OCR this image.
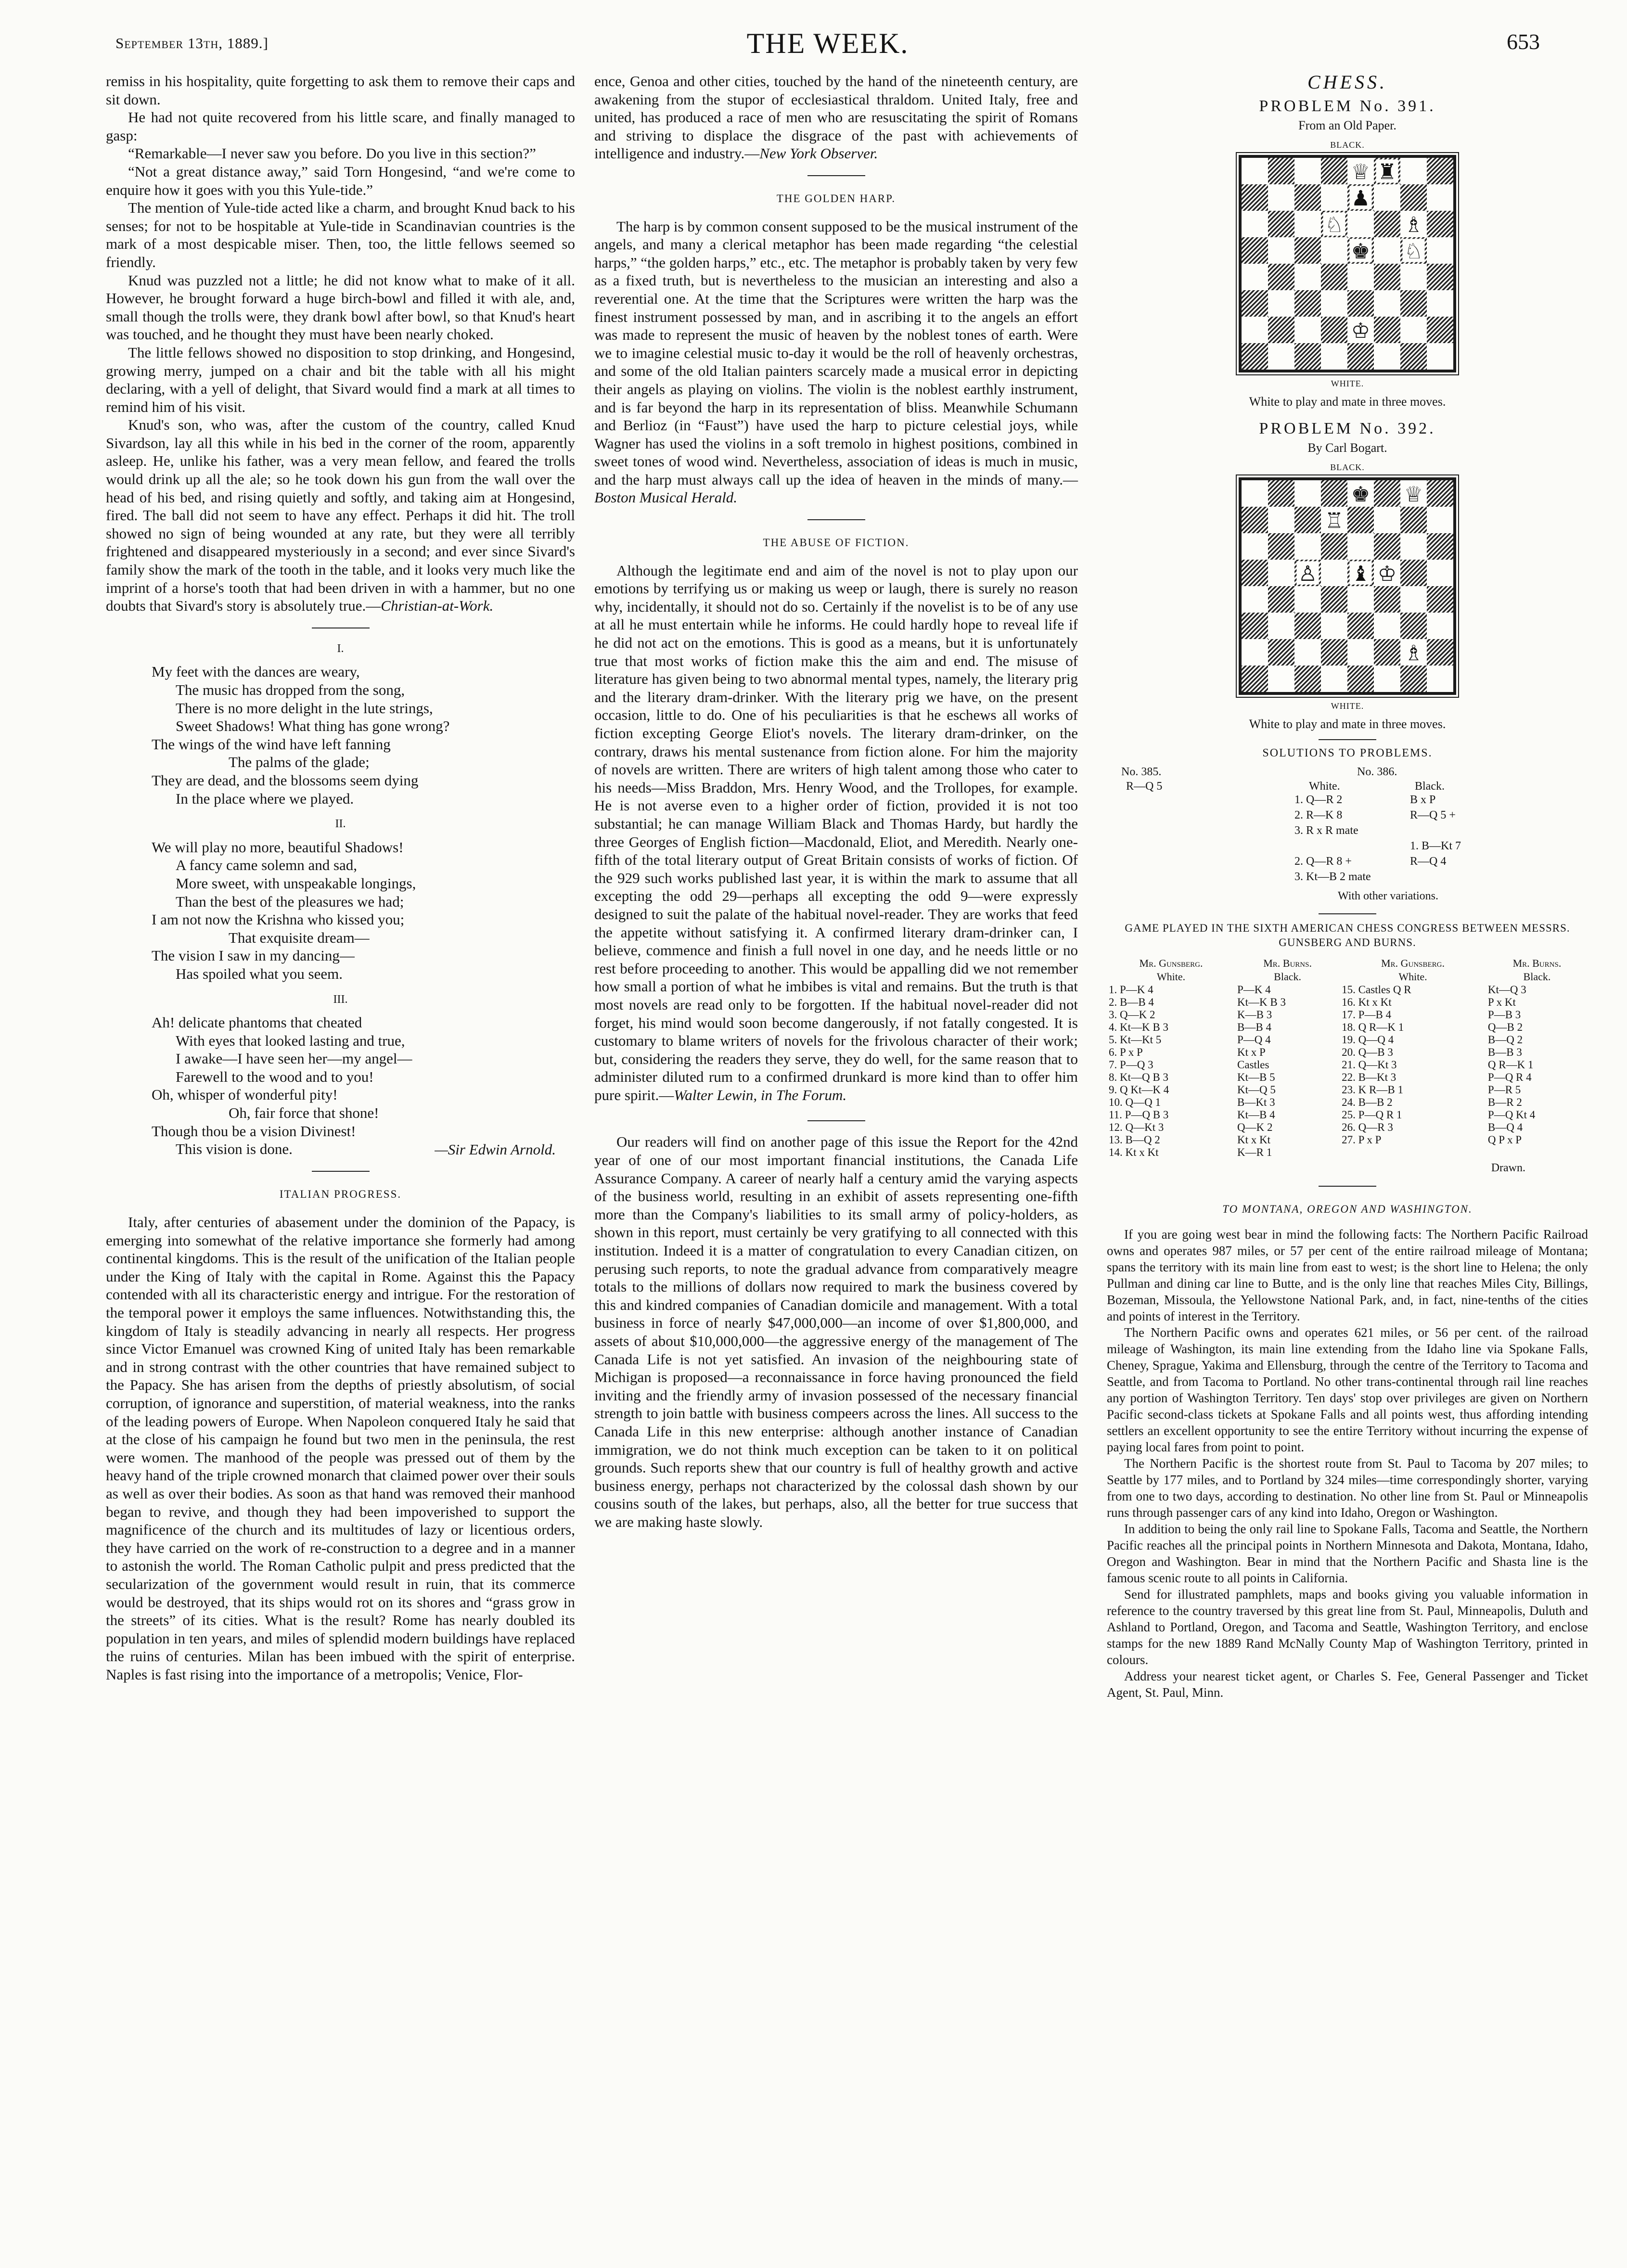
September 13th, 1889.]	THE WEEK.	653

remiss in his hospitality, quite forgetting to ask them to remove their caps and sit down.

He had not quite recovered from his little scare, and finally managed to gasp:

“Remarkable—I never saw you before. Do you live in this section?”

“Not a great distance away,” said Torn Hongesind, “and we're come to enquire how it goes with you this Yule-tide.”

The mention of Yule-tide acted like a charm, and brought Knud back to his senses; for not to be hospitable at Yule-tide in Scandinavian countries is the mark of a most despicable miser. Then, too, the little fellows seemed so friendly.

Knud was puzzled not a little; he did not know what to make of it all. However, he brought forward a huge birch-bowl and filled it with ale, and, small though the trolls were, they drank bowl after bowl, so that Knud's heart was touched, and he thought they must have been nearly choked.

The little fellows showed no disposition to stop drinking, and Hongesind, growing merry, jumped on a chair and bit the table with all his might declaring, with a yell of delight, that Sivard would find a mark at all times to remind him of his visit.

Knud's son, who was, after the custom of the country, called Knud Sivardson, lay all this while in his bed in the corner of the room, apparently asleep. He, unlike his father, was a very mean fellow, and feared the trolls would drink up all the ale; so he took down his gun from the wall over the head of his bed, and rising quietly and softly, and taking aim at Hongesind, fired. The ball did not seem to have any effect. Perhaps it did hit. The troll showed no sign of being wounded at any rate, but they were all terribly frightened and disappeared mysteriously in a second; and ever since Sivard's family show the mark of the tooth in the table, and it looks very much like the imprint of a horse's tooth that had been driven in with a hammer, but no one doubts that Sivard's story is absolutely true.—Christian-at-Work.

I.
My feet with the dances are weary,
The music has dropped from the song,
There is no more delight in the lute strings,
Sweet Shadows! What thing has gone wrong?
The wings of the wind have left fanning
The palms of the glade;
They are dead, and the blossoms seem dying
In the place where we played.
II.
We will play no more, beautiful Shadows!
A fancy came solemn and sad,
More sweet, with unspeakable longings,
Than the best of the pleasures we had;
I am not now the Krishna who kissed you;
That exquisite dream—
The vision I saw in my dancing—
Has spoiled what you seem.
III.
Ah! delicate phantoms that cheated
With eyes that looked lasting and true,
I awake—I have seen her—my angel—
Farewell to the wood and to you!
Oh, whisper of wonderful pity!
Oh, fair force that shone!
Though thou be a vision Divinest!
This vision is done.	—Sir Edwin Arnold.
ITALIAN PROGRESS.

Italy, after centuries of abasement under the dominion of the Papacy, is emerging into somewhat of the relative importance she formerly had among continental kingdoms. This is the result of the unification of the Italian people under the King of Italy with the capital in Rome. Against this the Papacy contended with all its characteristic energy and intrigue. For the restoration of the temporal power it employs the same influences. Notwithstanding this, the kingdom of Italy is steadily advancing in nearly all respects. Her progress since Victor Emanuel was crowned King of united Italy has been remarkable and in strong contrast with the other countries that have remained subject to the Papacy. She has arisen from the depths of priestly absolutism, of social corruption, of ignorance and superstition, of material weakness, into the ranks of the leading powers of Europe. When Napoleon conquered Italy he said that at the close of his campaign he found but two men in the peninsula, the rest were women. The manhood of the people was pressed out of them by the heavy hand of the triple crowned monarch that claimed power over their souls as well as over their bodies. As soon as that hand was removed their manhood began to revive, and though they had been impoverished to support the magnificence of the church and its multitudes of lazy or licentious orders, they have carried on the work of re-construction to a degree and in a manner to astonish the world. The Roman Catholic pulpit and press predicted that the secularization of the government would result in ruin, that its commerce would be destroyed, that its ships would rot on its shores and “grass grow in the streets” of its cities. What is the result? Rome has nearly doubled its population in ten years, and miles of splendid modern buildings have replaced the ruins of centuries. Milan has been imbued with the spirit of enterprise. Naples is fast rising into the importance of a metropolis; Venice, Flor-

ence, Genoa and other cities, touched by the hand of the nineteenth century, are awakening from the stupor of ecclesiastical thraldom. United Italy, free and united, has produced a race of men who are resuscitating the spirit of Romans and striving to displace the disgrace of the past with achievements of intelligence and industry.—New York Observer.

THE GOLDEN HARP.

The harp is by common consent supposed to be the musical instrument of the angels, and many a clerical metaphor has been made regarding “the celestial harps,” “the golden harps,” etc., etc. The metaphor is probably taken by very few as a fixed truth, but is nevertheless to the musician an interesting and also a reverential one. At the time that the Scriptures were written the harp was the finest instrument possessed by man, and in ascribing it to the angels an effort was made to represent the music of heaven by the noblest tones of earth. Were we to imagine celestial music to-day it would be the roll of heavenly orchestras, and some of the old Italian painters scarcely made a musical error in depicting their angels as playing on violins. The violin is the noblest earthly instrument, and is far beyond the harp in its representation of bliss. Meanwhile Schumann and Berlioz (in “Faust”) have used the harp to picture celestial joys, while Wagner has used the violins in a soft tremolo in highest positions, combined in sweet tones of wood wind. Nevertheless, association of ideas is much in music, and the harp must always call up the idea of heaven in the minds of many.—Boston Musical Herald.

THE ABUSE OF FICTION.

Although the legitimate end and aim of the novel is not to play upon our emotions by terrifying us or making us weep or laugh, there is surely no reason why, incidentally, it should not do so. Certainly if the novelist is to be of any use at all he must entertain while he informs. He could hardly hope to reveal life if he did not act on the emotions. This is good as a means, but it is unfortunately true that most works of fiction make this the aim and end. The misuse of literature has given being to two abnormal mental types, namely, the literary prig and the literary dram-drinker. With the literary prig we have, on the present occasion, little to do. One of his peculiarities is that he eschews all works of fiction excepting George Eliot's novels. The literary dram-drinker, on the contrary, draws his mental sustenance from fiction alone. For him the majority of novels are written. There are writers of high talent among those who cater to his needs—Miss Braddon, Mrs. Henry Wood, and the Trollopes, for example. He is not averse even to a higher order of fiction, provided it is not too substantial; he can manage William Black and Thomas Hardy, but hardly the three Georges of English fiction—Macdonald, Eliot, and Meredith. Nearly one-fifth of the total literary output of Great Britain consists of works of fiction. Of the 929 such works published last year, it is within the mark to assume that all excepting the odd 29—perhaps all excepting the odd 9—were expressly designed to suit the palate of the habitual novel-reader. They are works that feed the appetite without satisfying it. A confirmed literary dram-drinker can, I believe, commence and finish a full novel in one day, and he needs little or no rest before proceeding to another. This would be appalling did we not remember how small a portion of what he imbibes is vital and remains. But the truth is that most novels are read only to be forgotten. If the habitual novel-reader did not forget, his mind would soon become dangerously, if not fatally congested. It is customary to blame writers of novels for the frivolous character of their work; but, considering the readers they serve, they do well, for the same reason that to administer diluted rum to a confirmed drunkard is more kind than to offer him pure spirit.—Walter Lewin, in The Forum.

Our readers will find on another page of this issue the Report for the 42nd year of one of our most important financial institutions, the Canada Life Assurance Company. A career of nearly half a century amid the varying aspects of the business world, resulting in an exhibit of assets representing one-fifth more than the Company's liabilities to its small army of policy-holders, as shown in this report, must certainly be very gratifying to all connected with this institution. Indeed it is a matter of congratulation to every Canadian citizen, on perusing such reports, to note the gradual advance from comparatively meagre totals to the millions of dollars now required to mark the business covered by this and kindred companies of Canadian domicile and management. With a total business in force of nearly $47,000,000—an income of over $1,800,000, and assets of about $10,000,000—the aggressive energy of the management of The Canada Life is not yet satisfied. An invasion of the neighbouring state of Michigan is proposed—a reconnaissance in force having pronounced the field inviting and the friendly army of invasion possessed of the necessary financial strength to join battle with business compeers across the lines. All success to the Canada Life in this new enterprise: although another instance of Canadian immigration, we do not think much exception can be taken to it on political grounds. Such reports shew that our country is full of healthy growth and active business energy, perhaps not characterized by the colossal dash shown by our cousins south of the lakes, but perhaps, also, all the better for true success that we are making haste slowly.

CHESS.
PROBLEM No. 391.
From an Old Paper.
BLACK.
WHITE.
White to play and mate in three moves.
PROBLEM No. 392.
By Carl Bogart.
BLACK.
WHITE.
White to play and mate in three moves.
SOLUTIONS TO PROBLEMS.
No. 385.
R—Q 5
No. 386.
White.	Black.
1. Q—R 2	B x P
2. R—K 8	R—Q 5 +
3. R x R mate
1. B—Kt 7
2. Q—R 8 +	R—Q 4
3. Kt—B 2 mate
With other variations.
GAME PLAYED IN THE SIXTH AMERICAN CHESS CONGRESS BETWEEN MESSRS. GUNSBERG AND BURNS.
Mr. Gunsberg.	Mr. Burns.	Mr. Gunsberg.	Mr. Burns.
White.	Black.	White.	Black.
1. P—K 4	P—K 4	15. Castles Q R	Kt—Q 3
2. B—B 4	Kt—K B 3	16. Kt x Kt	P x Kt
3. Q—K 2	K—B 3	17. P—B 4	P—B 3
4. Kt—K B 3	B—B 4	18. Q R—K 1	Q—B 2
5. Kt—Kt 5	P—Q 4	19. Q—Q 4	B—Q 2
6. P x P	Kt x P	20. Q—B 3	B—B 3
7. P—Q 3	Castles	21. Q—Kt 3	Q R—K 1
8. Kt—Q B 3	Kt—B 5	22. B—Kt 3	P—Q R 4
9. Q Kt—K 4	Kt—Q 5	23. K R—B 1	P—R 5
10. Q—Q 1	B—Kt 3	24. B—B 2	B—R 2
11. P—Q B 3	Kt—B 4	25. P—Q R 1	P—Q Kt 4
12. Q—Kt 3	Q—K 2	26. Q—R 3	B—Q 4
13. B—Q 2	Kt x Kt	27. P x P	Q P x P
14. Kt x Kt	K—R 1		
Drawn.
TO MONTANA, OREGON AND WASHINGTON.

If you are going west bear in mind the following facts: The Northern Pacific Railroad owns and operates 987 miles, or 57 per cent of the entire railroad mileage of Montana; spans the territory with its main line from east to west; is the short line to Helena; the only Pullman and dining car line to Butte, and is the only line that reaches Miles City, Billings, Bozeman, Missoula, the Yellowstone National Park, and, in fact, nine-tenths of the cities and points of interest in the Territory.

The Northern Pacific owns and operates 621 miles, or 56 per cent. of the railroad mileage of Washington, its main line extending from the Idaho line via Spokane Falls, Cheney, Sprague, Yakima and Ellensburg, through the centre of the Territory to Tacoma and Seattle, and from Tacoma to Portland. No other trans-continental through rail line reaches any portion of Washington Territory. Ten days' stop over privileges are given on Northern Pacific second-class tickets at Spokane Falls and all points west, thus affording intending settlers an excellent opportunity to see the entire Territory without incurring the expense of paying local fares from point to point.

The Northern Pacific is the shortest route from St. Paul to Tacoma by 207 miles; to Seattle by 177 miles, and to Portland by 324 miles—time correspondingly shorter, varying from one to two days, according to destination. No other line from St. Paul or Minneapolis runs through passenger cars of any kind into Idaho, Oregon or Washington.

In addition to being the only rail line to Spokane Falls, Tacoma and Seattle, the Northern Pacific reaches all the principal points in Northern Minnesota and Dakota, Montana, Idaho, Oregon and Washington. Bear in mind that the Northern Pacific and Shasta line is the famous scenic route to all points in California.

Send for illustrated pamphlets, maps and books giving you valuable information in reference to the country traversed by this great line from St. Paul, Minneapolis, Duluth and Ashland to Portland, Oregon, and Tacoma and Seattle, Washington Territory, and enclose stamps for the new 1889 Rand McNally County Map of Washington Territory, printed in colours.

Address your nearest ticket agent, or Charles S. Fee, General Passenger and Ticket Agent, St. Paul, Minn.
